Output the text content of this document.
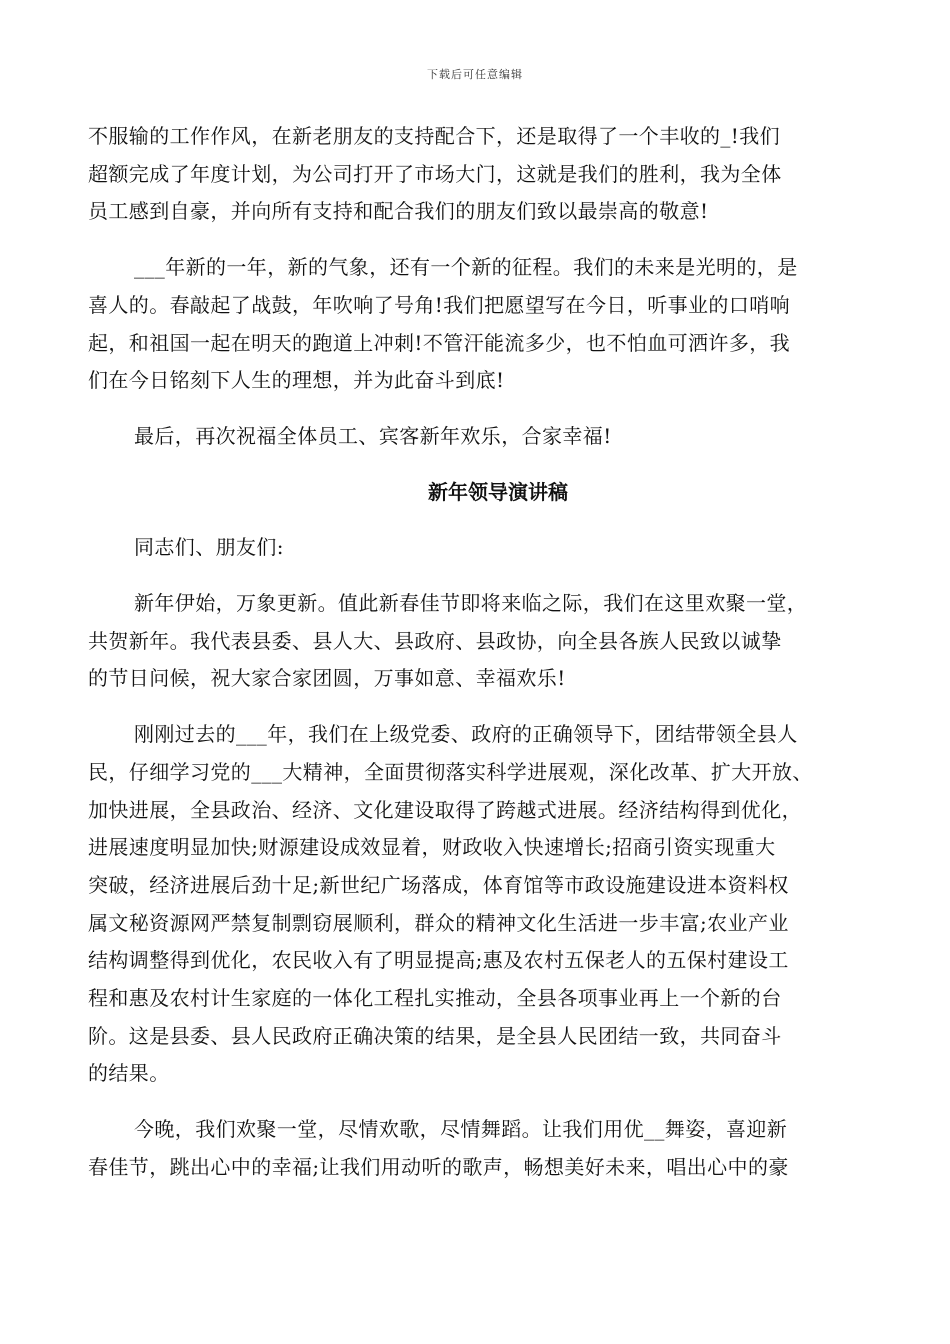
下载后可任意编辑

不服输的工作作风，在新老朋友的支持配合下，还是取得了一个丰收的_!我们
超额完成了年度计划，为公司打开了市场大门，这就是我们的胜利，我为全体
员工感到自豪，并向所有支持和配合我们的朋友们致以最崇高的敬意!

___年新的一年，新的气象，还有一个新的征程。我们的未来是光明的，是
喜人的。春敲起了战鼓，年吹响了号角!我们把愿望写在今日，听事业的口哨响
起，和祖国一起在明天的跑道上冲刺!不管汗能流多少，也不怕血可洒许多，我
们在今日铭刻下人生的理想，并为此奋斗到底!

最后，再次祝福全体员工、宾客新年欢乐，合家幸福!

新年领导演讲稿

同志们、朋友们:

新年伊始，万象更新。值此新春佳节即将来临之际，我们在这里欢聚一堂，
共贺新年。我代表县委、县人大、县政府、县政协，向全县各族人民致以诚挚
的节日问候，祝大家合家团圆，万事如意、幸福欢乐!

刚刚过去的___年，我们在上级党委、政府的正确领导下，团结带领全县人
民，仔细学习党的___大精神，全面贯彻落实科学进展观，深化改革、扩大开放、
加快进展，全县政治、经济、文化建设取得了跨越式进展。经济结构得到优化，
进展速度明显加快;财源建设成效显着，财政收入快速增长;招商引资实现重大
突破，经济进展后劲十足;新世纪广场落成，体育馆等市政设施建设进本资料权
属文秘资源网严禁复制剽窃展顺利，群众的精神文化生活进一步丰富;农业产业
结构调整得到优化，农民收入有了明显提高;惠及农村五保老人的五保村建设工
程和惠及农村计生家庭的一体化工程扎实推动，全县各项事业再上一个新的台
阶。这是县委、县人民政府正确决策的结果，是全县人民团结一致，共同奋斗
的结果。

今晚，我们欢聚一堂，尽情欢歌，尽情舞蹈。让我们用优__舞姿，喜迎新
春佳节，跳出心中的幸福;让我们用动听的歌声，畅想美好未来，唱出心中的豪
